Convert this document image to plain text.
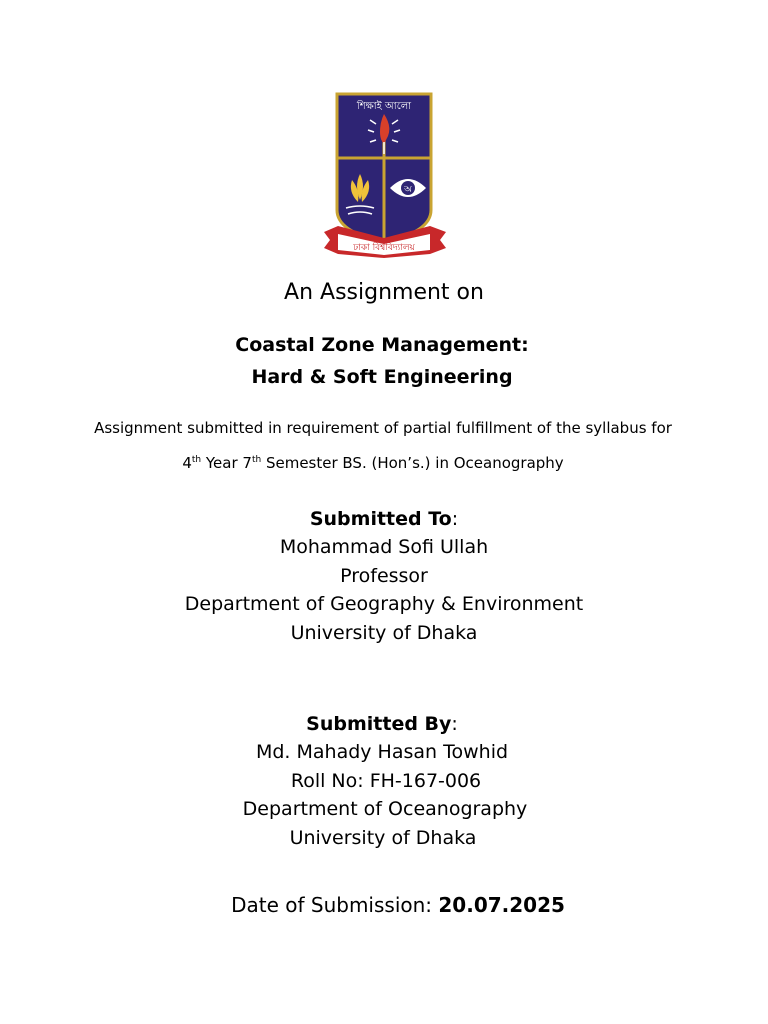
শিক্ষাই আলো
অ
ঢাকা বিশ্ববিদ্যালয়
An Assignment on
Coastal Zone Management:
Hard & Soft Engineering
Assignment submitted in requirement of partial fulfillment of the syllabus for
4th Year 7th Semester BS. (Hon’s.) in Oceanography
Submitted To:
Mohammad Sofi Ullah
Professor
Department of Geography & Environment
University of Dhaka
Submitted By:
Md. Mahady Hasan Towhid
Roll No: FH-167-006
Department of Oceanography
University of Dhaka
Date of Submission: 20.07.2025
